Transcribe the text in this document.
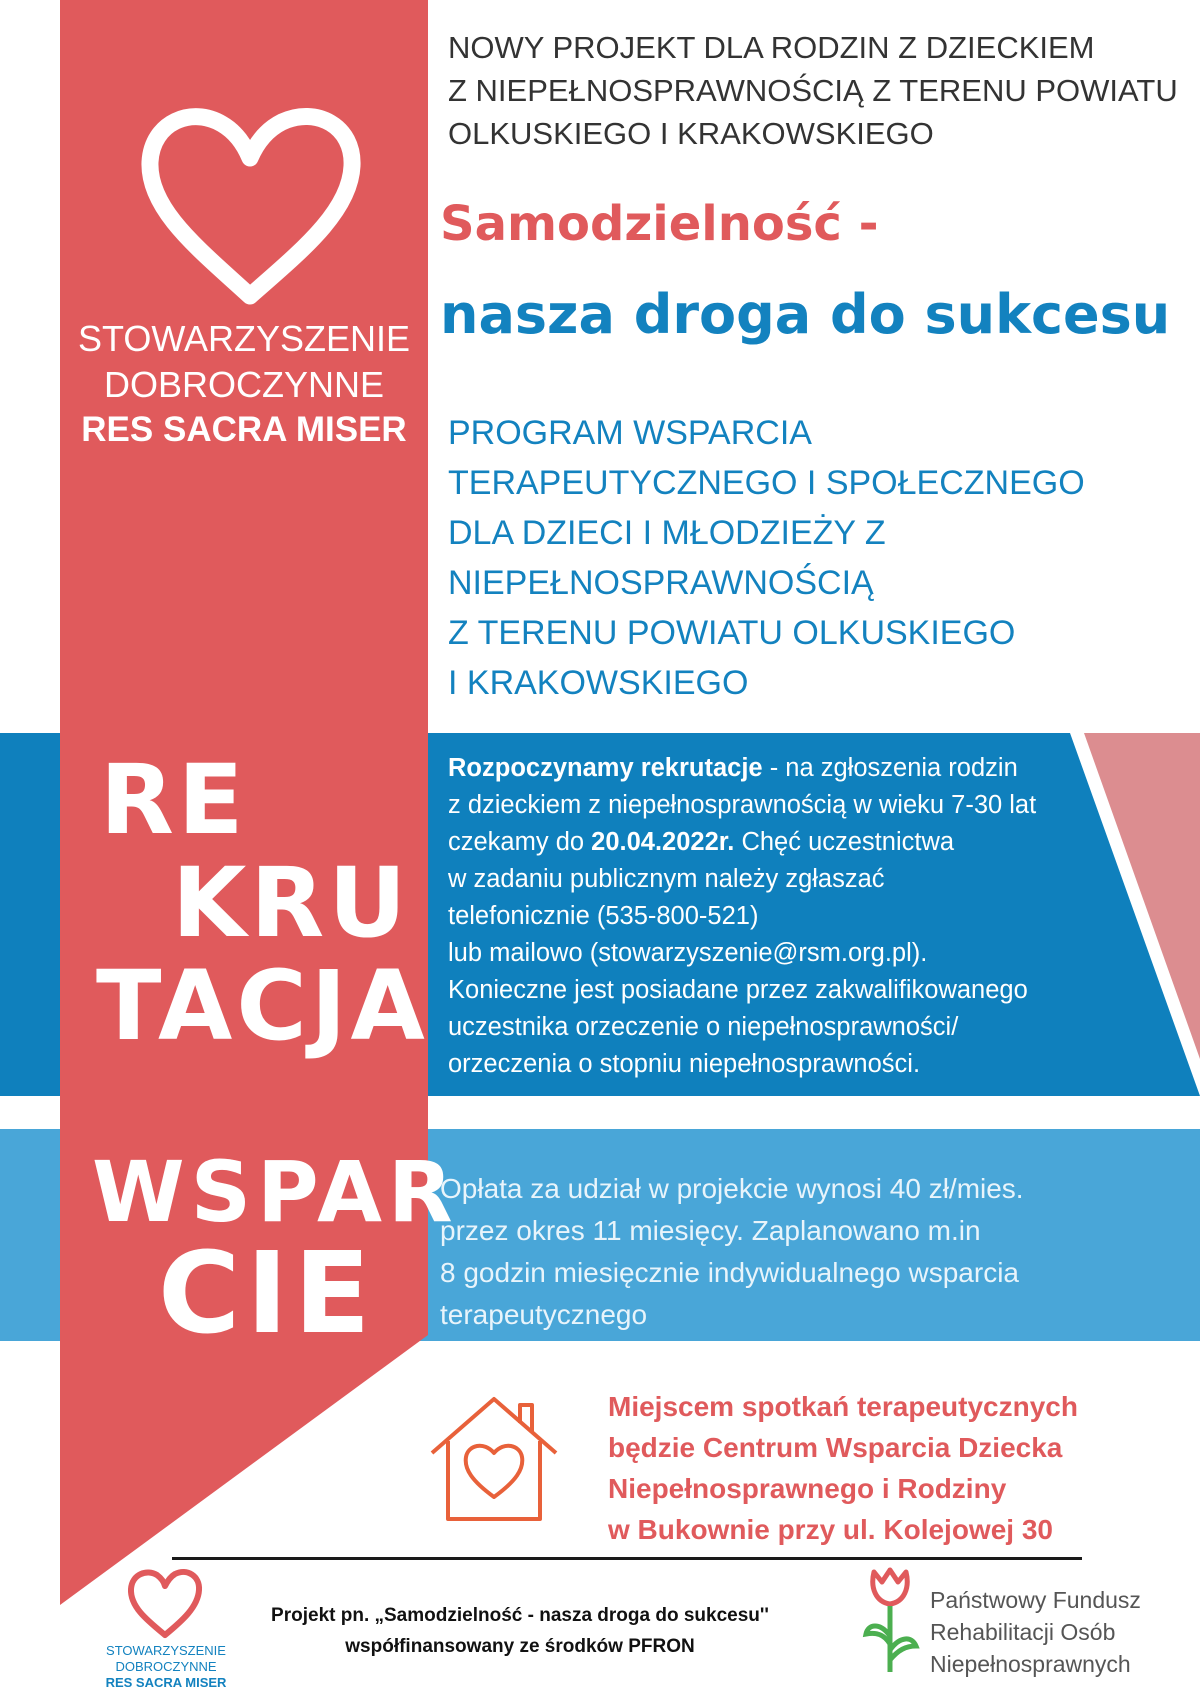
STOWARZYSZENIE
DOBROCZYNNE
RES SACRA MISER
RE
KRU
TACJA
WSPAR
CIE
NOWY PROJEKT DLA RODZIN Z DZIECKIEM
Z NIEPEŁNOSPRAWNOŚCIĄ Z TERENU POWIATU
OLKUSKIEGO I KRAKOWSKIEGO
Samodzielność -
nasza droga do sukcesu
PROGRAM WSPARCIA
TERAPEUTYCZNEGO I SPOŁECZNEGO
DLA DZIECI I MŁODZIEŻY Z
NIEPEŁNOSPRAWNOŚCIĄ
Z TERENU POWIATU OLKUSKIEGO
I KRAKOWSKIEGO
Rozpoczynamy rekrutacje - na zgłoszenia rodzin
z dzieckiem z niepełnosprawnością w wieku 7-30 lat
czekamy do 20.04.2022r. Chęć uczestnictwa
w zadaniu publicznym należy zgłaszać
telefonicznie (535-800-521)
lub mailowo (stowarzyszenie@rsm.org.pl).
Konieczne jest posiadane przez zakwalifikowanego
uczestnika orzeczenie o niepełnosprawności/
orzeczenia o stopniu niepełnosprawności.
Opłata za udział w projekcie wynosi 40 zł/mies.
przez okres 11 miesięcy. Zaplanowano m.in
8 godzin miesięcznie indywidualnego wsparcia
terapeutycznego
Miejscem spotkań terapeutycznych
będzie Centrum Wsparcia Dziecka
Niepełnosprawnego i Rodziny
w Bukownie przy ul. Kolejowej 30
STOWARZYSZENIE
DOBROCZYNNE
RES SACRA MISER
Projekt pn. „Samodzielność - nasza droga do sukcesu''
współfinansowany ze środków PFRON
Państwowy Fundusz
Rehabilitacji Osób
Niepełnosprawnych
